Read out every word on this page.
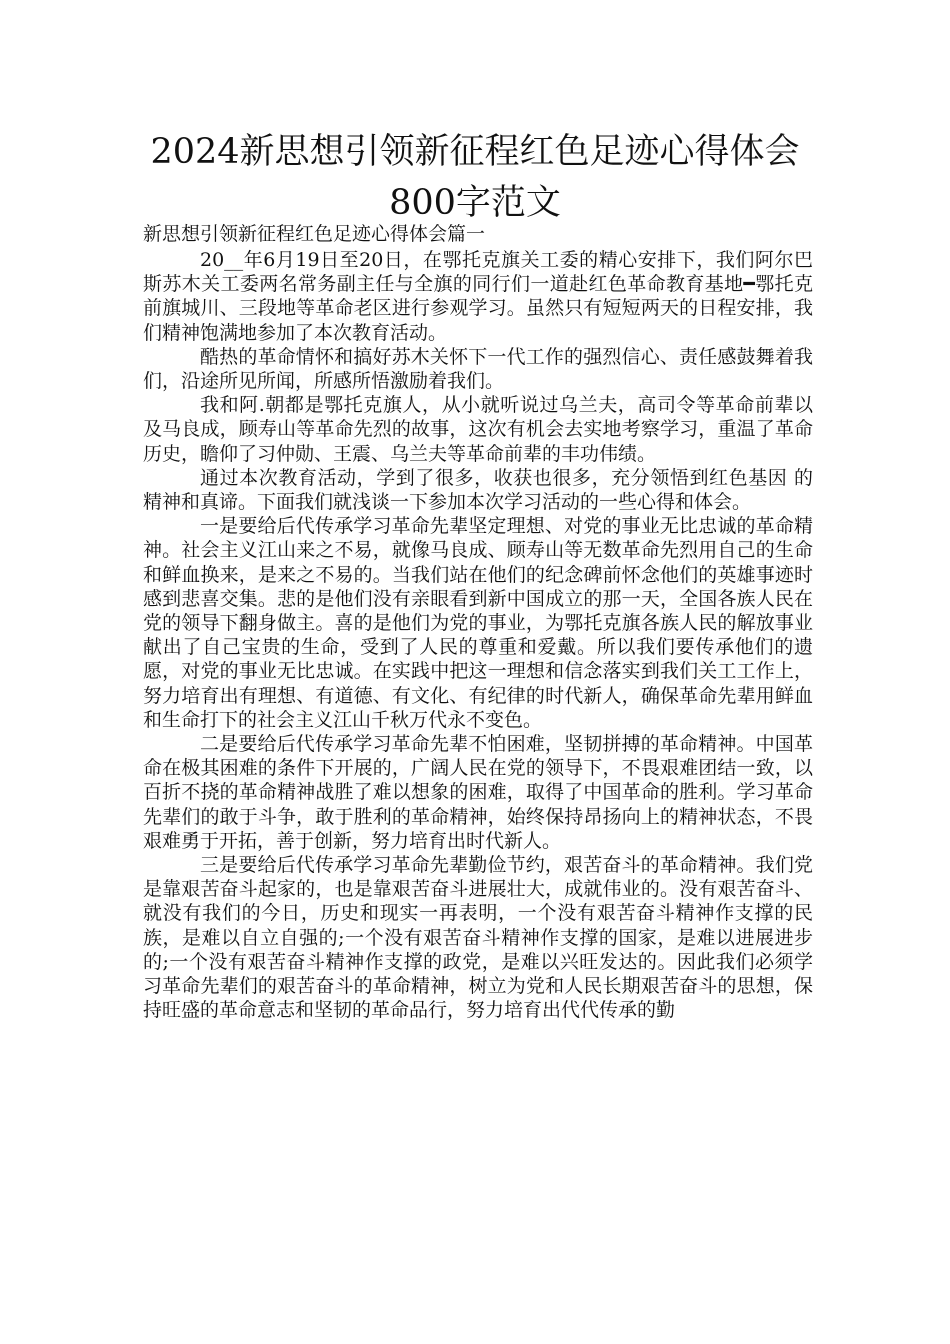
2024新思想引领新征程红色足迹心得体会
800字范文
新思想引领新征程红色足迹心得体会篇一

20__年6月19日至20日，在鄂托克旗关工委的精心安排下，我们阿尔巴斯苏木关工委两名常务副主任与全旗的同行们一道赴红色革命教育基地━鄂托克前旗城川、三段地等革命老区进行参观学习。虽然只有短短两天的日程安排，我们精神饱满地参加了本次教育活动。

酷热的革命情怀和搞好苏木关怀下一代工作的强烈信心、责任感鼓舞着我们，沿途所见所闻，所感所悟激励着我们。

我和阿.朝都是鄂托克旗人，从小就听说过乌兰夫，高司令等革命前辈以及马良成，顾寿山等革命先烈的故事，这次有机会去实地考察学习，重温了革命历史，瞻仰了习仲勋、王震、乌兰夫等革命前辈的丰功伟绩。

通过本次教育活动，学到了很多，收获也很多，充分领悟到红色基因 的精神和真谛。下面我们就浅谈一下参加本次学习活动的一些心得和体会。

一是要给后代传承学习革命先辈坚定理想、对党的事业无比忠诚的革命精神。社会主义江山来之不易，就像马良成、顾寿山等无数革命先烈用自己的生命和鲜血换来，是来之不易的。当我们站在他们的纪念碑前怀念他们的英雄事迹时感到悲喜交集。悲的是他们没有亲眼看到新中国成立的那一天，全国各族人民在党的领导下翻身做主。喜的是他们为党的事业，为鄂托克旗各族人民的解放事业献出了自己宝贵的生命，受到了人民的尊重和爱戴。所以我们要传承他们的遗愿，对党的事业无比忠诚。在实践中把这一理想和信念落实到我们关工工作上，努力培育出有理想、有道德、有文化、有纪律的时代新人，确保革命先辈用鲜血和生命打下的社会主义江山千秋万代永不变色。

二是要给后代传承学习革命先辈不怕困难，坚韧拼搏的革命精神。中国革命在极其困难的条件下开展的，广阔人民在党的领导下，不畏艰难团结一致，以百折不挠的革命精神战胜了难以想象的困难，取得了中国革命的胜利。学习革命先辈们的敢于斗争，敢于胜利的革命精神，始终保持昂扬向上的精神状态，不畏艰难勇于开拓，善于创新，努力培育出时代新人。

三是要给后代传承学习革命先辈勤俭节约，艰苦奋斗的革命精神。我们党是靠艰苦奋斗起家的，也是靠艰苦奋斗进展壮大，成就伟业的。没有艰苦奋斗、就没有我们的今日，历史和现实一再表明，一个没有艰苦奋斗精神作支撑的民族，是难以自立自强的;一个没有艰苦奋斗精神作支撑的国家，是难以进展进步的;一个没有艰苦奋斗精神作支撑的政党，是难以兴旺发达的。因此我们必须学习革命先辈们的艰苦奋斗的革命精神，树立为党和人民长期艰苦奋斗的思想，保持旺盛的革命意志和坚韧的革命品行，努力培育出代代传承的勤
